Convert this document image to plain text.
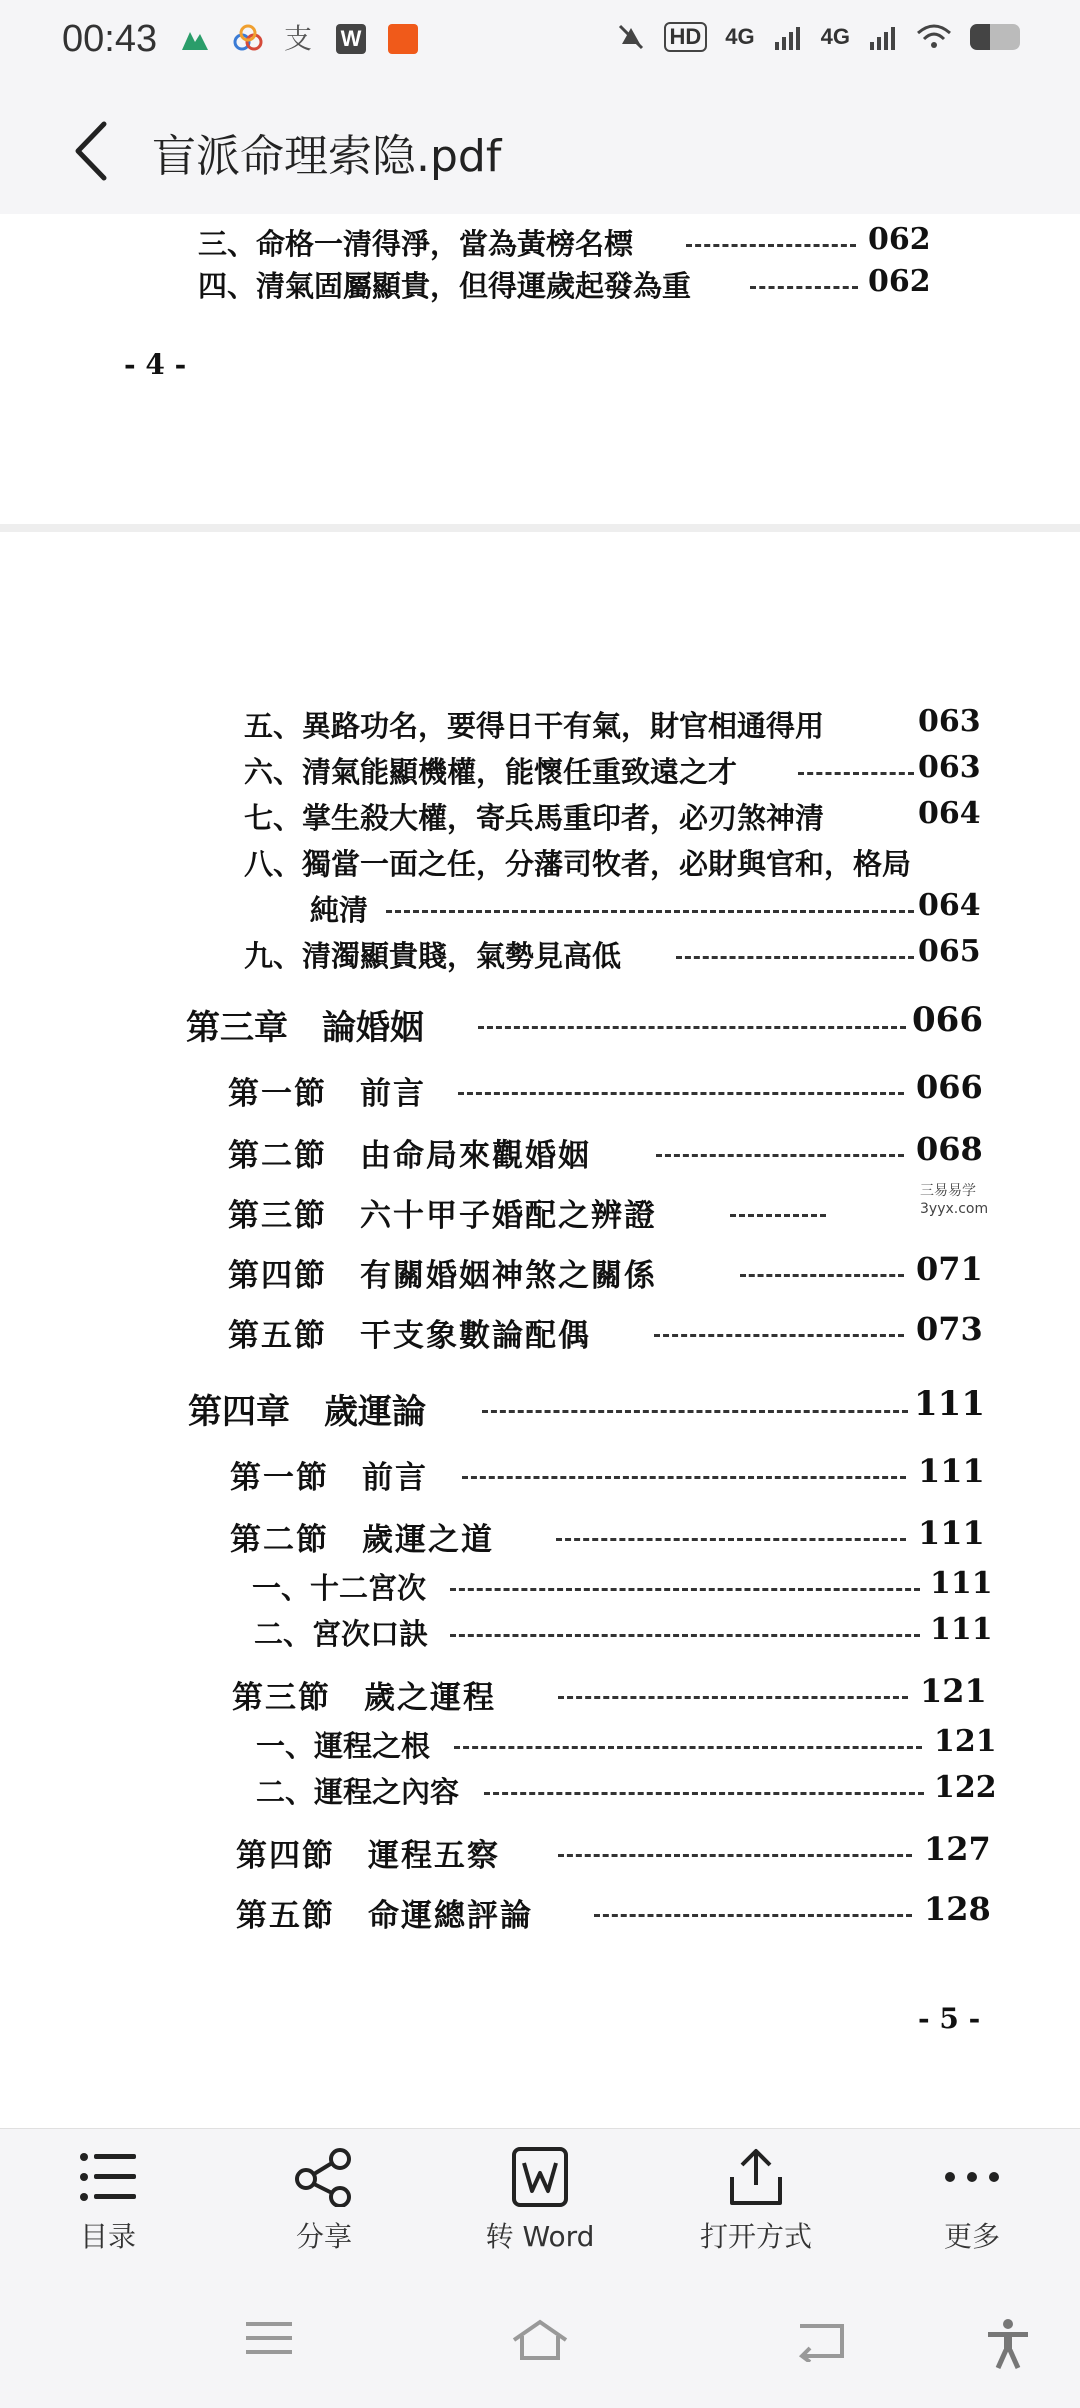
00:43	支 W	HD 4G	4G
盲派命理索隐.pdf
三、命格一清得淨，當為黃榜名標	062
四、清氣固屬顯貴，但得運歲起發為重	062
- 4 -
五、異路功名，要得日干有氣，財官相通得用	063
六、清氣能顯機權，能懷任重致遠之才	063
七、掌生殺大權，寄兵馬重印者，必刃煞神清	064
八、獨當一面之任，分藩司牧者，必財與官和，格局
純清	064
九、清濁顯貴賤，氣勢見高低	065
第三章　論婚姻	066
第一節　前言	066
第二節　由命局來觀婚姻	068
第三節　六十甲子婚配之辨證
三易易学
3yyx.com
第四節　有關婚姻神煞之關係	071
第五節　干支象數論配偶	073
第四章　歲運論	111
第一節　前言	111
第二節　歲運之道	111
一、十二宮次	111
二、宮次口訣	111
第三節　歲之運程	121
一、運程之根	121
二、運程之內容	122
第四節　運程五察	127
第五節　命運總評論	128
- 5 -
目录	分享	转 Word	打开方式	更多
